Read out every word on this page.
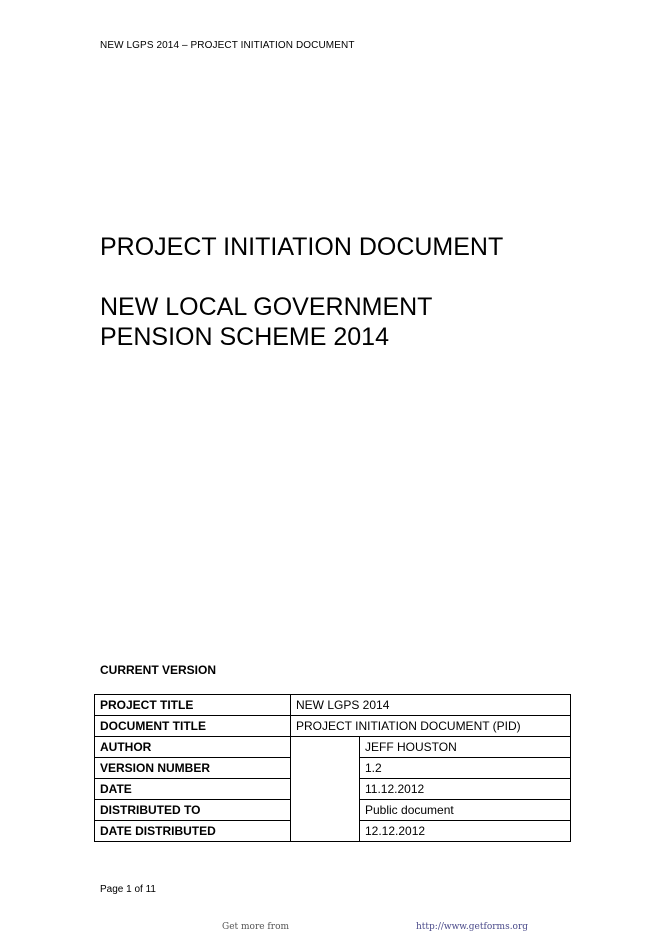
NEW LGPS 2014 – PROJECT INITIATION DOCUMENT
PROJECT INITIATION DOCUMENT
NEW LOCAL GOVERNMENT
PENSION SCHEME 2014
CURRENT VERSION
PROJECT TITLE	NEW LGPS 2014	
DOCUMENT TITLE	PROJECT INITIATION DOCUMENT (PID)	
AUTHOR		JEFF HOUSTON
VERSION NUMBER		1.2
DATE		11.12.2012
DISTRIBUTED TO		Public document
DATE DISTRIBUTED		12.12.2012
Page 1 of 11
Get more from	http://www.getforms.org
